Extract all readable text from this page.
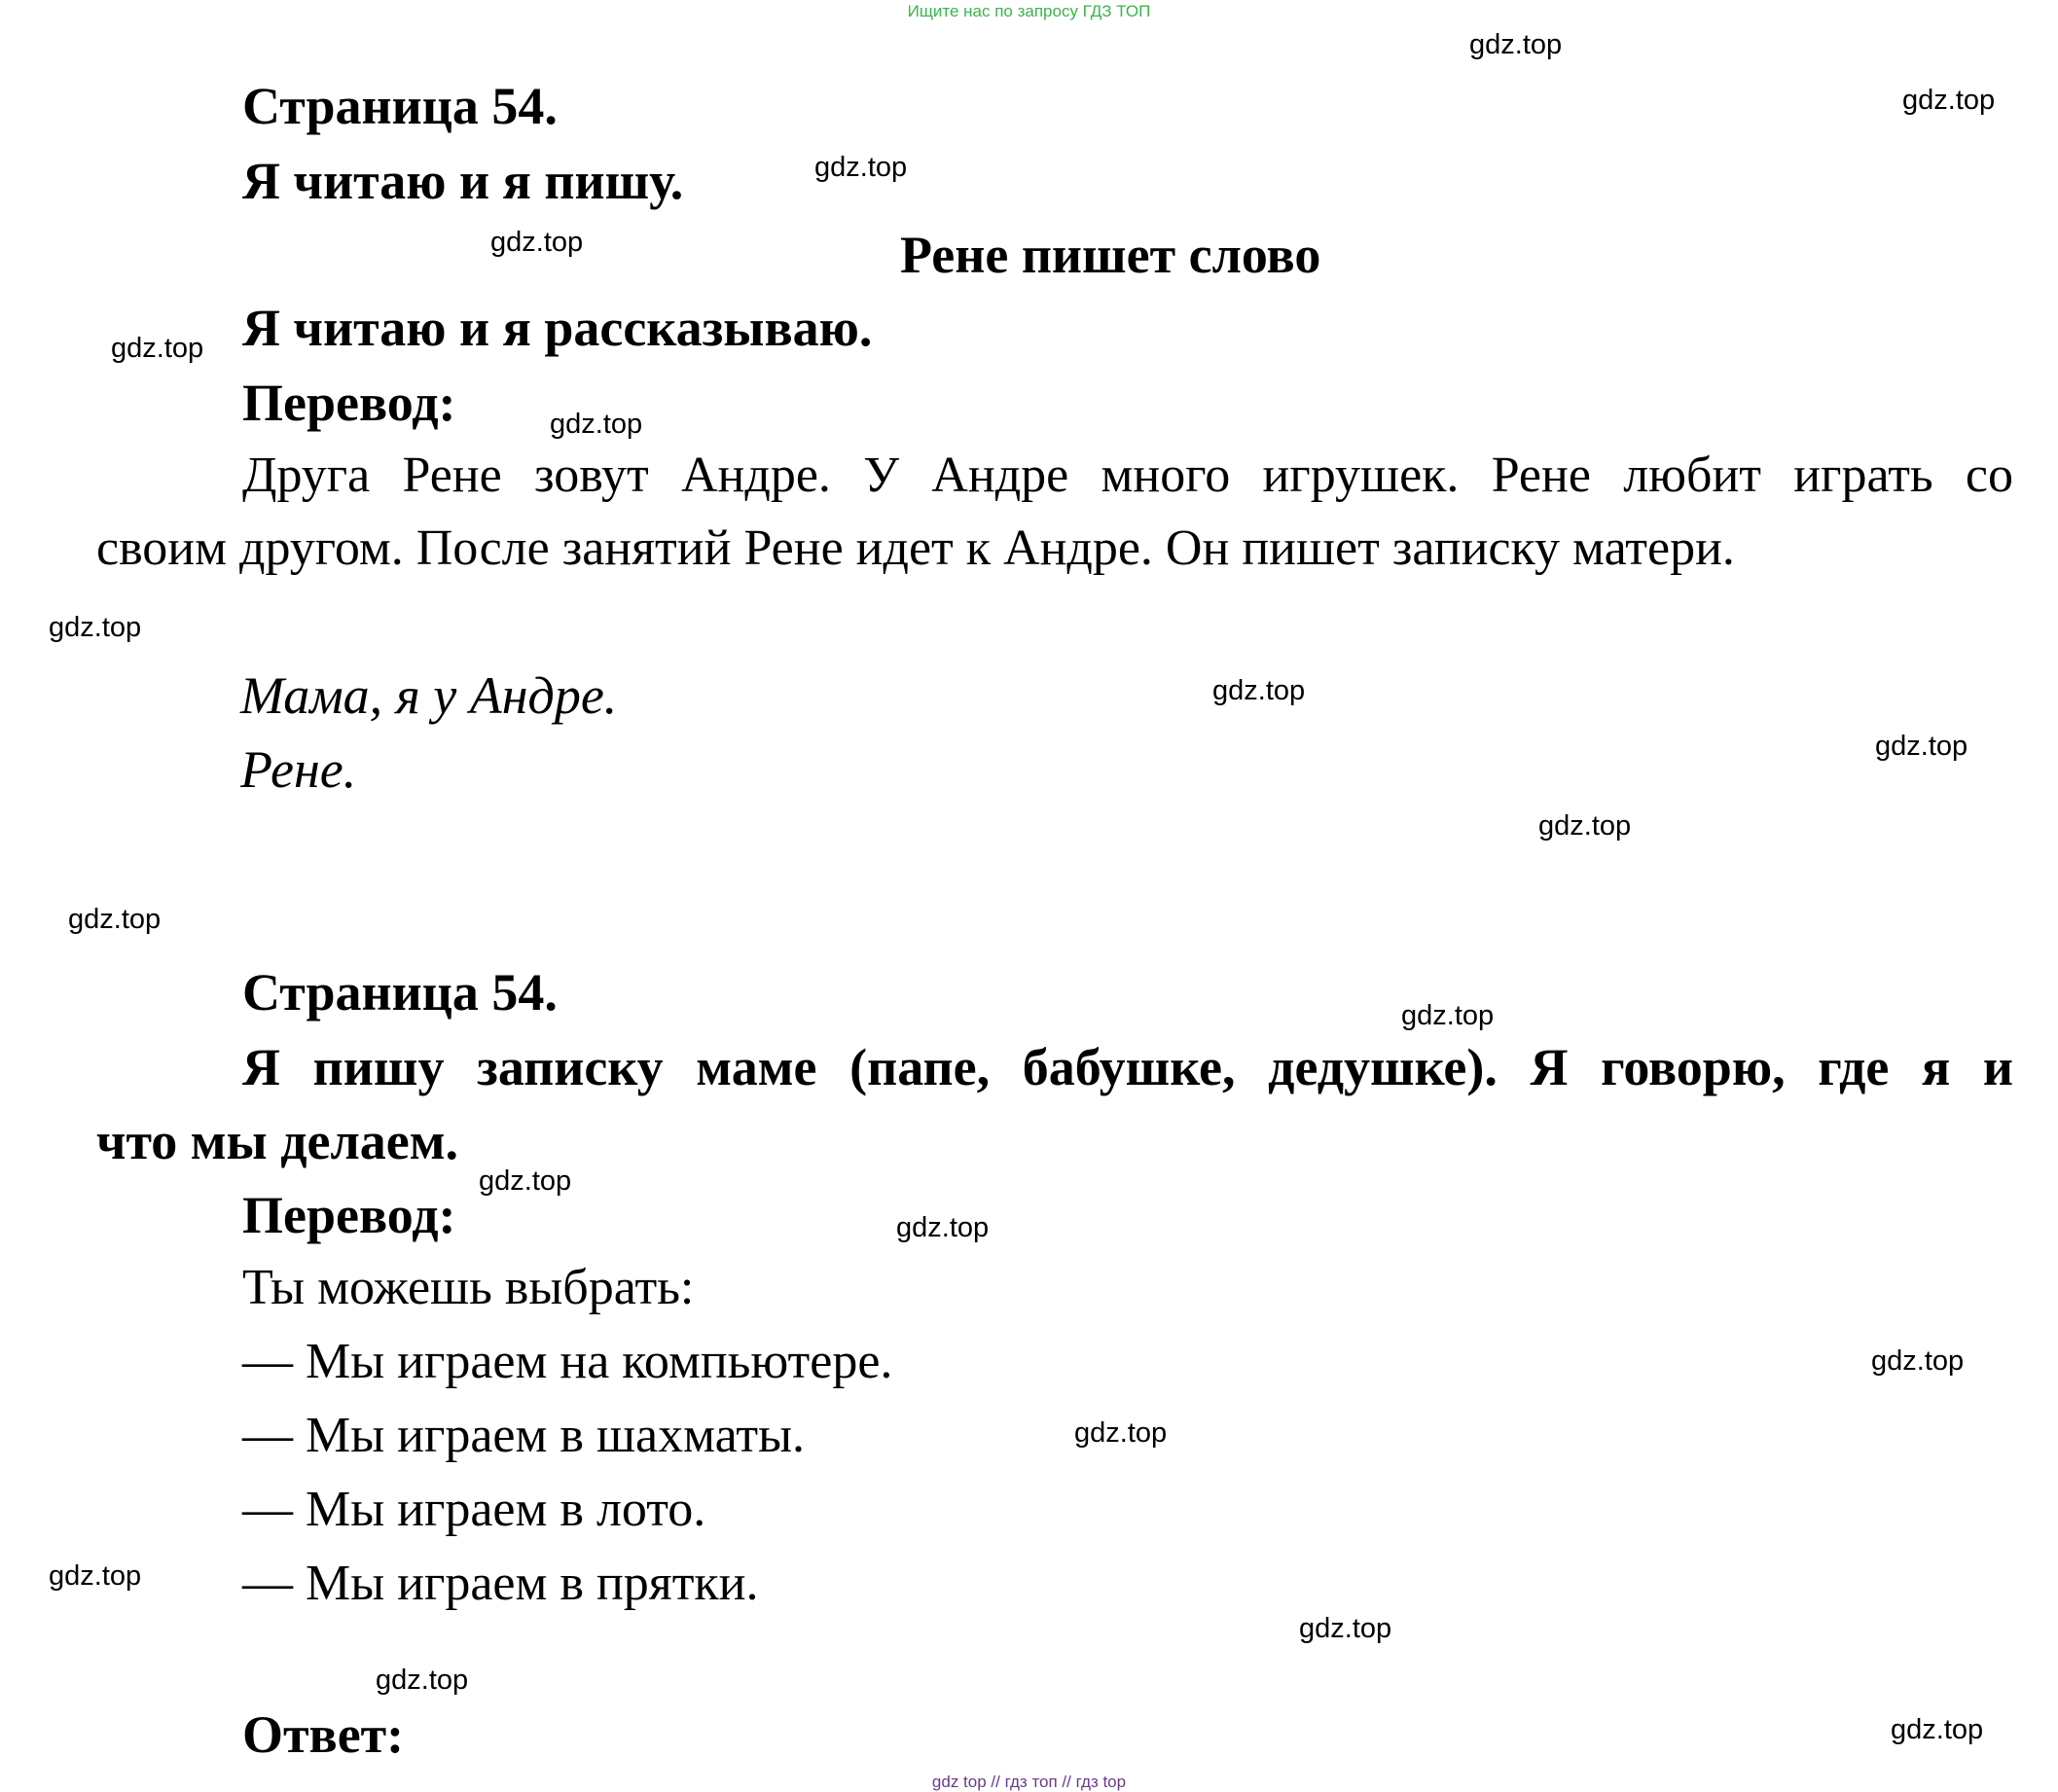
Ищите нас по запросу ГДЗ ТОП
gdz.top
gdz.top
gdz.top
gdz.top
gdz.top
gdz.top
gdz.top
gdz.top
gdz.top
gdz.top
gdz.top
gdz.top
gdz.top
gdz.top
gdz.top
gdz.top
gdz.top
gdz.top
gdz.top
gdz.top
Страница 54.
Я читаю и я пишу.
Рене пишет слово
Я читаю и я рассказываю.
Перевод:
Друга Рене зовут Андре. У Андре много игрушек. Рене любит играть со
своим другом. После занятий Рене идет к Андре. Он пишет записку матери.
Мама, я у Андре.
Рене.
Страница 54.
Я пишу записку маме (папе, бабушке, дедушке). Я говорю, где я и
что мы делаем.
Перевод:
Ты можешь выбрать:
— Мы играем на компьютере.
— Мы играем в шахматы.
— Мы играем в лото.
— Мы играем в прятки.
Ответ:
gdz top // гдз топ // гдз top
